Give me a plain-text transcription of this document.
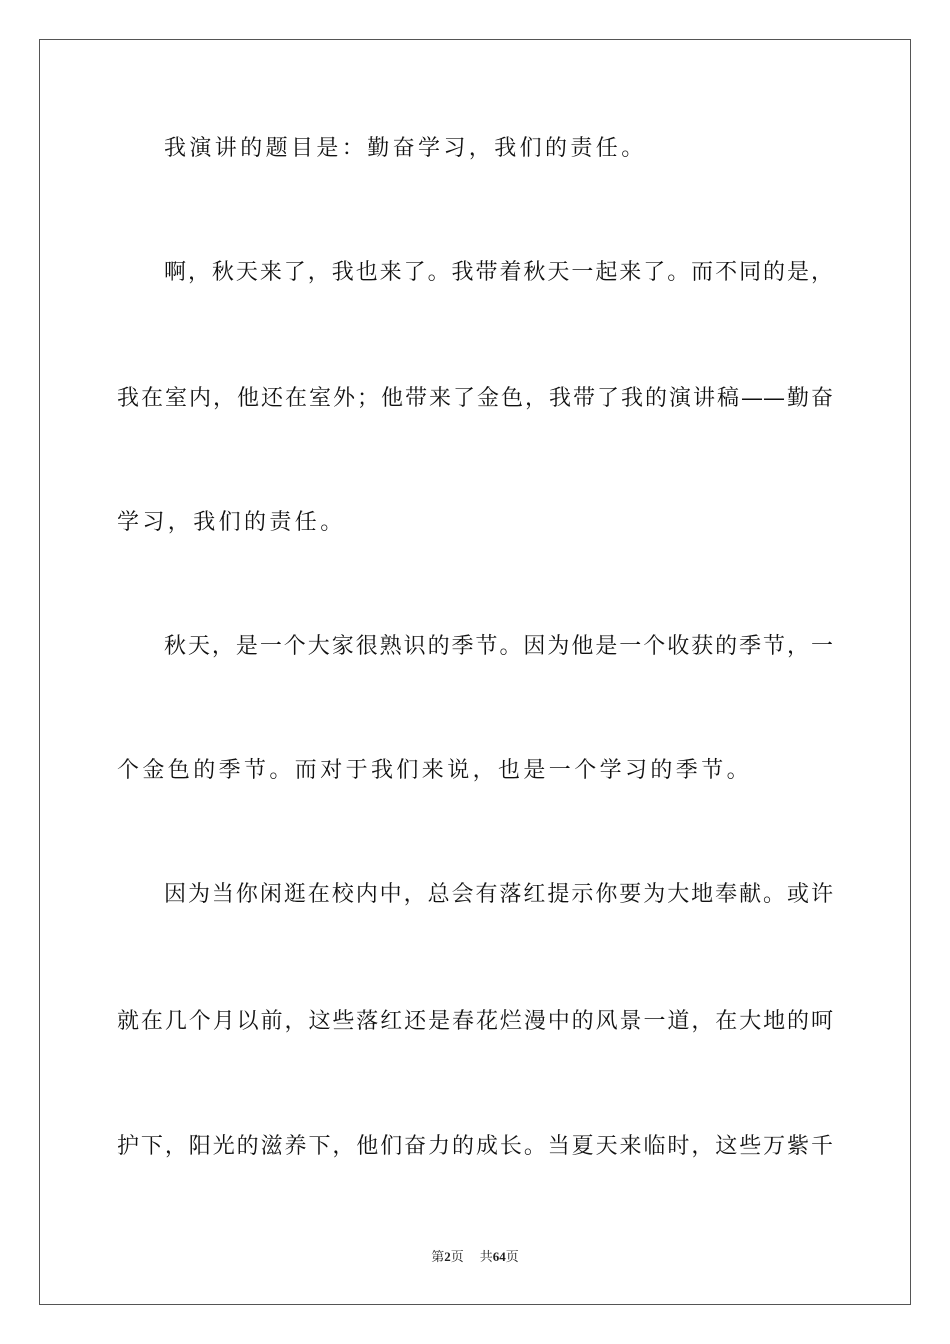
我演讲的题目是：勤奋学习，我们的责任。
啊，秋天来了，我也来了。我带着秋天一起来了。而不同的是，
我在室内，他还在室外；他带来了金色，我带了我的演讲稿——勤奋
学习，我们的责任。
秋天，是一个大家很熟识的季节。因为他是一个收获的季节，一
个金色的季节。而对于我们来说，也是一个学习的季节。
因为当你闲逛在校内中，总会有落红提示你要为大地奉献。或许
就在几个月以前，这些落红还是春花烂漫中的风景一道，在大地的呵
护下，阳光的滋养下，他们奋力的成长。当夏天来临时，这些万紫千
第2页 共64页
